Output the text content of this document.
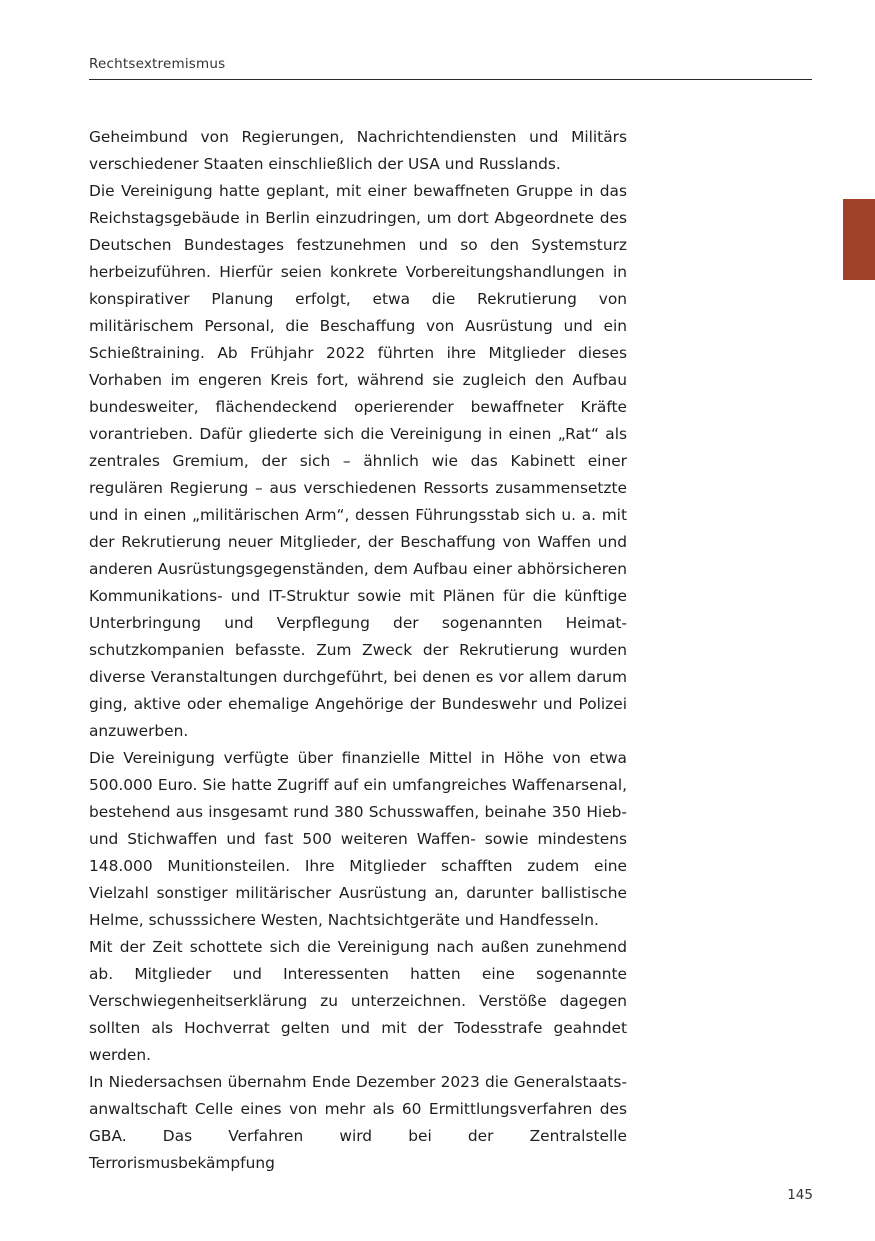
Rechtsextremismus

Geheimbund von Regierungen, Nachrichtendiensten und Militärs verschiedener Staaten einschließlich der USA und Russlands.

Die Vereinigung hatte geplant, mit einer bewaffneten Gruppe in das Reichstagsgebäude in Berlin einzudringen, um dort Abgeordnete des Deutschen Bundestages festzunehmen und so den Systemsturz herbeizuführen. Hierfür seien konkrete Vorbereitungshandlungen in konspirativer Planung erfolgt, etwa die Rekrutierung von militärischem Personal, die Beschaffung von Ausrüstung und ein Schießtraining. Ab Frühjahr 2022 führten ihre Mitglieder dieses Vorhaben im engeren Kreis fort, während sie zugleich den Aufbau bundesweiter, flächendeckend operierender bewaffneter Kräfte vorantrieben. Dafür gliederte sich die Vereinigung in einen „Rat“ als zentrales Gremium, der sich – ähnlich wie das Kabinett einer regulären Regierung – aus verschiedenen Ressorts zusammensetzte und in einen „militärischen Arm“, dessen Führungsstab sich u. a. mit der Rekrutierung neuer Mitglieder, der Beschaffung von Waffen und anderen Ausrüstungsgegenständen, dem Aufbau einer abhörsicheren Kommunikations- und IT-Struktur sowie mit Plänen für die künftige Unterbringung und Verpflegung der sogenannten Heimatschutzkompanien befasste. Zum Zweck der Rekrutierung wurden diverse Veranstaltungen durchgeführt, bei denen es vor allem darum ging, aktive oder ehemalige Angehörige der Bundeswehr und Polizei anzuwerben.

Die Vereinigung verfügte über finanzielle Mittel in Höhe von etwa 500.000 Euro. Sie hatte Zugriff auf ein umfangreiches Waffenarsenal, bestehend aus insgesamt rund 380 Schusswaffen, beinahe 350 Hieb- und Stichwaffen und fast 500 weiteren Waffen- sowie mindestens 148.000 Munitionsteilen. Ihre Mitglieder schafften zudem eine Vielzahl sonstiger militärischer Ausrüstung an, darunter ballistische Helme, schusssichere Westen, Nachtsichtgeräte und Handfesseln.

Mit der Zeit schottete sich die Vereinigung nach außen zunehmend ab. Mitglieder und Interessenten hatten eine sogenannte Verschwiegenheitserklärung zu unterzeichnen. Verstöße dagegen sollten als Hochverrat gelten und mit der Todesstrafe geahndet werden.

In Niedersachsen übernahm Ende Dezember 2023 die Generalstaatsanwaltschaft Celle eines von mehr als 60 Ermittlungsverfahren des GBA. Das Verfahren wird bei der Zentralstelle Terrorismusbekämpfung

145
